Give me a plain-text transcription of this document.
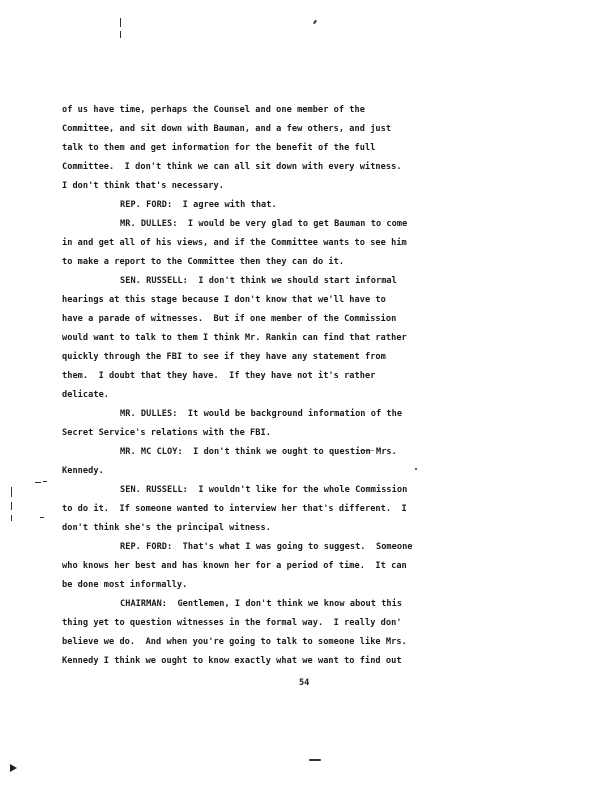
of us have time, perhaps the Counsel and one member of the
Committee, and sit down with Bauman, and a few others, and just
talk to them and get information for the benefit of the full
Committee.  I don't think we can all sit down with every witness.
I don't think that's necessary.
REP. FORD:  I agree with that.
MR. DULLES:  I would be very glad to get Bauman to come
in and get all of his views, and if the Committee wants to see him
to make a report to the Committee then they can do it.
SEN. RUSSELL:  I don't think we should start informal
hearings at this stage because I don't know that we'll have to
have a parade of witnesses.  But if one member of the Commission
would want to talk to them I think Mr. Rankin can find that rather
quickly through the FBI to see if they have any statement from
them.  I doubt that they have.  If they have not it's rather
delicate.
MR. DULLES:  It would be background information of the
Secret Service's relations with the FBI.
MR. MC CLOY:  I don't think we ought to question Mrs.
Kennedy.
SEN. RUSSELL:  I wouldn't like for the whole Commission
to do it.  If someone wanted to interview her that's different.  I
don't think she's the principal witness.
REP. FORD:  That's what I was going to suggest.  Someone
who knows her best and has known her for a period of time.  It can
be done most informally.
CHAIRMAN:  Gentlemen, I don't think we know about this
thing yet to question witnesses in the formal way.  I really don'
believe we do.  And when you're going to talk to someone like Mrs.
Kennedy I think we ought to know exactly what we want to find out
54
